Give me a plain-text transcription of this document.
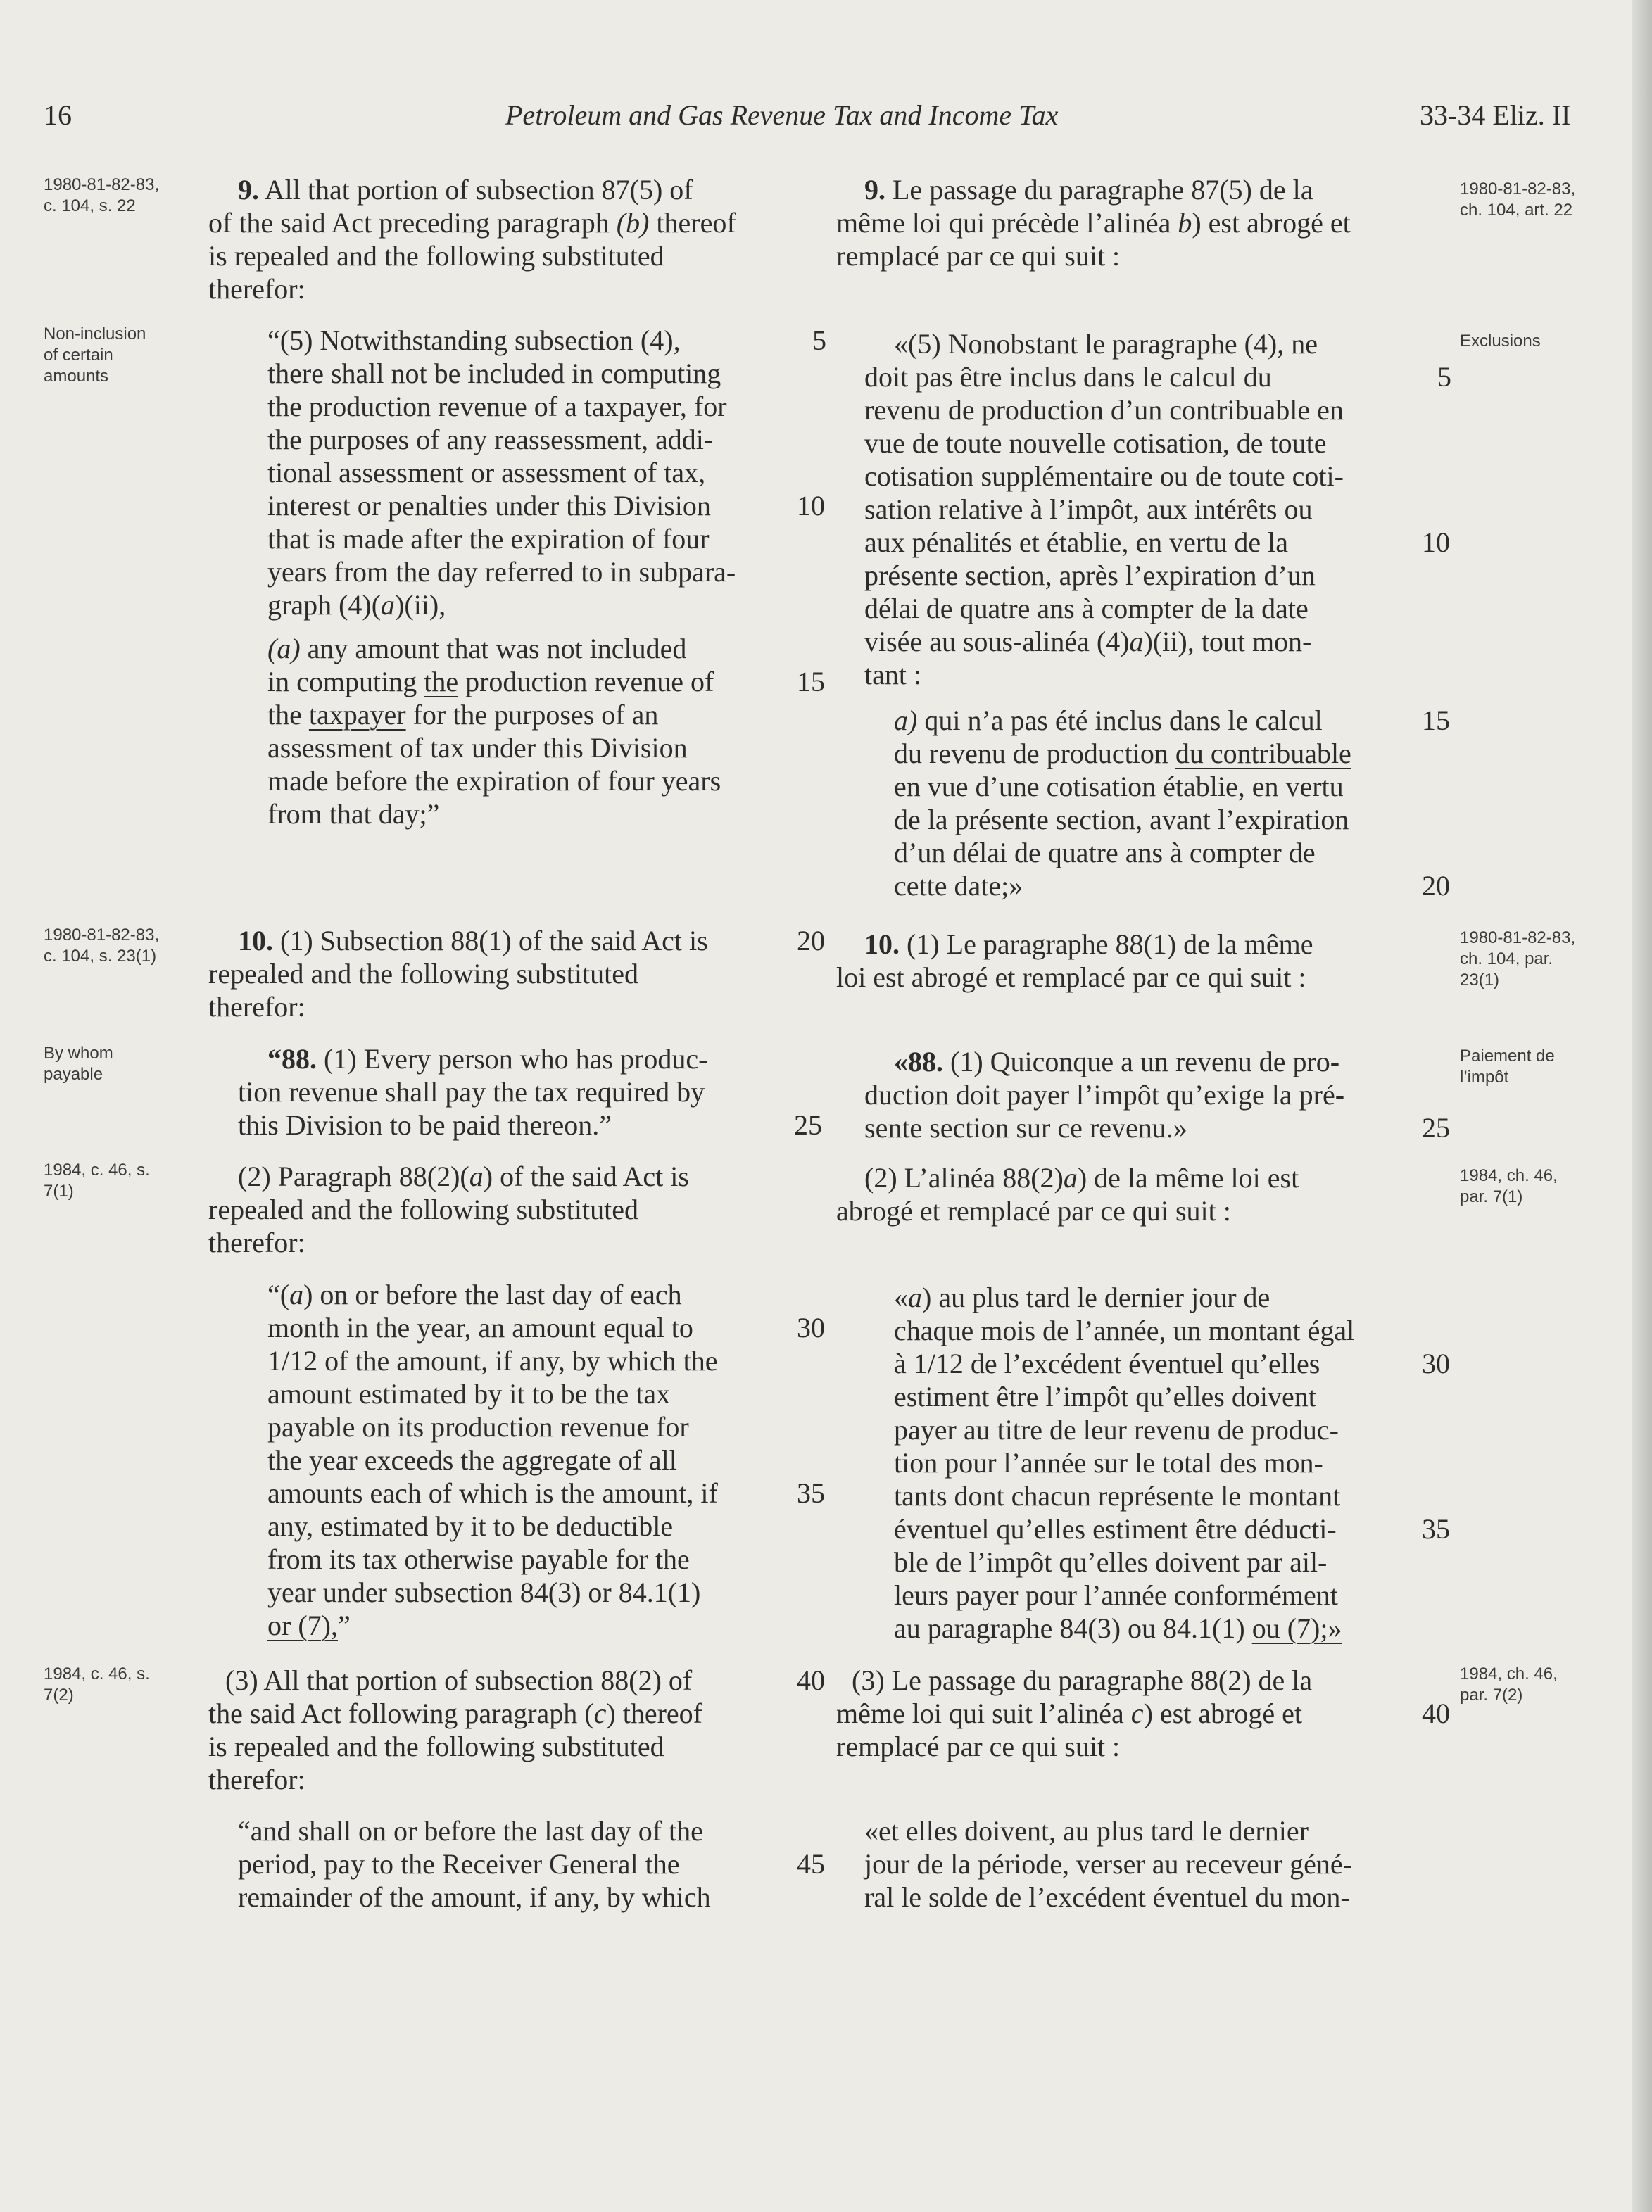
16	Petroleum and Gas Revenue Tax and Income Tax	33-34 Eliz. II
1980-81-82-83,
c. 104, s. 22
Non-inclusion
of certain
amounts
1980-81-82-83,
c. 104, s. 23(1)
By whom
payable
1984, c. 46, s.
7(1)
1984, c. 46, s.
7(2)
1980-81-82-83,
ch. 104, art. 22
Exclusions
1980-81-82-83,
ch. 104, par.
23(1)
Paiement de
l’impôt
1984, ch. 46,
par. 7(1)
1984, ch. 46,
par. 7(2)
9. All that portion of subsection 87(5) of
of the said Act preceding paragraph (b) thereof
is repealed and the following substituted
therefor:
“(5) Notwithstanding subsection (4),
there shall not be included in computing
the production revenue of a taxpayer, for
the purposes of any reassessment, addi-
tional assessment or assessment of tax,
interest or penalties under this Division
that is made after the expiration of four
years from the day referred to in subpara-
graph (4)(a)(ii),
(a) any amount that was not included
in computing the production revenue of
the taxpayer for the purposes of an
assessment of tax under this Division
made before the expiration of four years
from that day;”
10. (1) Subsection 88(1) of the said Act is
repealed and the following substituted
therefor:
“88. (1) Every person who has produc-
tion revenue shall pay the tax required by
this Division to be paid thereon.”
(2) Paragraph 88(2)(a) of the said Act is
repealed and the following substituted
therefor:
“(a) on or before the last day of each
month in the year, an amount equal to
1/12 of the amount, if any, by which the
amount estimated by it to be the tax
payable on its production revenue for
the year exceeds the aggregate of all
amounts each of which is the amount, if
any, estimated by it to be deductible
from its tax otherwise payable for the
year under subsection 84(3) or 84.1(1)
or (7),”
(3) All that portion of subsection 88(2) of
the said Act following paragraph (c) thereof
is repealed and the following substituted
therefor:
“and shall on or before the last day of the
period, pay to the Receiver General the
remainder of the amount, if any, by which
5
10
15
20
25
30
35
40
45
9. Le passage du paragraphe 87(5) de la
même loi qui précède l’alinéa b) est abrogé et
remplacé par ce qui suit :
«(5) Nonobstant le paragraphe (4), ne
doit pas être inclus dans le calcul du
revenu de production d’un contribuable en
vue de toute nouvelle cotisation, de toute
cotisation supplémentaire ou de toute coti-
sation relative à l’impôt, aux intérêts ou
aux pénalités et établie, en vertu de la
présente section, après l’expiration d’un
délai de quatre ans à compter de la date
visée au sous-alinéa (4)a)(ii), tout mon-
tant :
a) qui n’a pas été inclus dans le calcul
du revenu de production du contribuable
en vue d’une cotisation établie, en vertu
de la présente section, avant l’expiration
d’un délai de quatre ans à compter de
cette date;»
10. (1) Le paragraphe 88(1) de la même
loi est abrogé et remplacé par ce qui suit :
«88. (1) Quiconque a un revenu de pro-
duction doit payer l’impôt qu’exige la pré-
sente section sur ce revenu.»
(2) L’alinéa 88(2)a) de la même loi est
abrogé et remplacé par ce qui suit :
«a) au plus tard le dernier jour de
chaque mois de l’année, un montant égal
à 1/12 de l’excédent éventuel qu’elles
estiment être l’impôt qu’elles doivent
payer au titre de leur revenu de produc-
tion pour l’année sur le total des mon-
tants dont chacun représente le montant
éventuel qu’elles estiment être déducti-
ble de l’impôt qu’elles doivent par ail-
leurs payer pour l’année conformément
au paragraphe 84(3) ou 84.1(1) ou (7);»
(3) Le passage du paragraphe 88(2) de la
même loi qui suit l’alinéa c) est abrogé et
remplacé par ce qui suit :
«et elles doivent, au plus tard le dernier
jour de la période, verser au receveur géné-
ral le solde de l’excédent éventuel du mon-
5
10
15
20
25
30
35
40
